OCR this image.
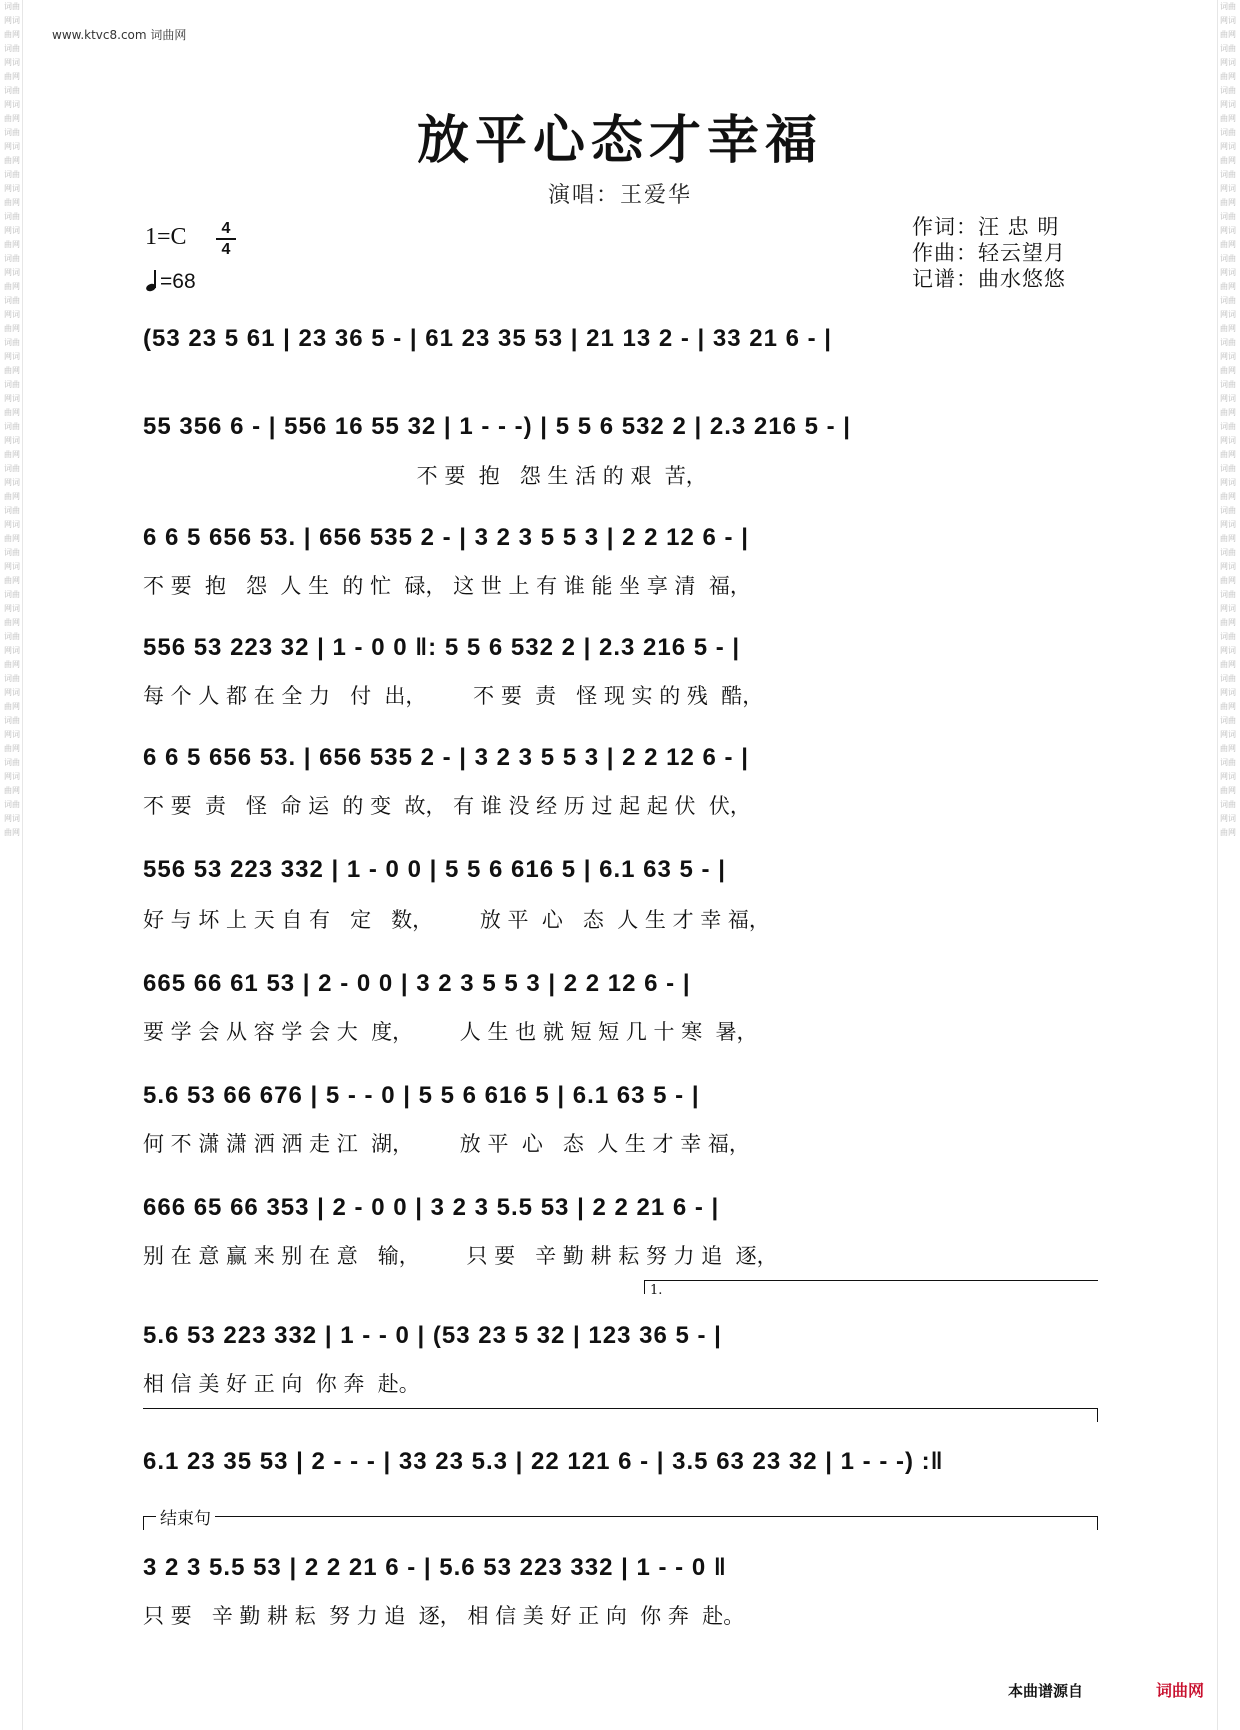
词曲网词曲网词曲网词曲网词曲网词曲网词曲网词曲网词曲网词曲网词曲网词曲网词曲网词曲网词曲网词曲网词曲网词曲网词曲网词曲网词曲网词曲网词曲网词曲网词曲网词曲网词曲网词曲网词曲网词曲网词曲网词曲网词曲网词曲网词曲网词曲网词曲网词曲网词曲网词曲网
词曲网词曲网词曲网词曲网词曲网词曲网词曲网词曲网词曲网词曲网词曲网词曲网词曲网词曲网词曲网词曲网词曲网词曲网词曲网词曲网词曲网词曲网词曲网词曲网词曲网词曲网词曲网词曲网词曲网词曲网词曲网词曲网词曲网词曲网词曲网词曲网词曲网词曲网词曲网词曲网
www.ktvc8.com 词曲网
放平心态才幸福
演唱：王爱华
1=C	4
4
=68
作词：汪 忠 明
作曲：轻云望月
记谱：曲水悠悠
(53 23 5 61 | 23 36 5 - | 61 23 35 53 | 21 13 2 - | 33 21 6 - |
55 356 6 - | 556 16 55 32 | 1 - - -) | 5 5 6 532 2 | 2.3 216 5 - |
不 要  抱   怨 生 活 的 艰  苦，
6 6 5 656 53. | 656 535 2 - | 3 2 3 5 5 3 | 2 2 12 6 - |
不 要  抱   怨  人 生  的 忙  碌， 这 世 上 有 谁 能 坐 享 清  福，
556 53 223 32 | 1 - 0 0 ‖: 5 5 6 532 2 | 2.3 216 5 - |
每 个 人 都 在 全 力   付  出，       不 要  责   怪 现 实 的 残  酷，
6 6 5 656 53. | 656 535 2 - | 3 2 3 5 5 3 | 2 2 12 6 - |
不 要  责   怪  命 运  的 变  故， 有 谁 没 经 历 过 起 起 伏  伏，
556 53 223 332 | 1 - 0 0 | 5 5 6 616 5 | 6.1 63 5 - |
好 与 坏 上 天 自 有   定   数，       放 平  心   态  人 生 才 幸 福，
665 66 61 53 | 2 - 0 0 | 3 2 3 5 5 3 | 2 2 12 6 - |
要 学 会 从 容 学 会 大  度，       人 生 也 就 短 短 几 十 寒  暑，
5.6 53 66 676 | 5 - - 0 | 5 5 6 616 5 | 6.1 63 5 - |
何 不 潇 潇 洒 洒 走 江  湖，       放 平  心   态  人 生 才 幸 福，
666 65 66 353 | 2 - 0 0 | 3 2 3 5.5 53 | 2 2 21 6 - |
别 在 意 赢 来 别 在 意   输，       只 要   辛 勤 耕 耘 努 力 追  逐，
1.
5.6 53 223 332 | 1 - - 0 | (53 23 5 32 | 123 36 5 - |
相 信 美 好 正 向  你 奔  赴。
6.1 23 35 53 | 2 - - - | 33 23 5.3 | 22 121 6 - | 3.5 63 23 32 | 1 - - -) :‖
结束句
3 2 3 5.5 53 | 2 2 21 6 - | 5.6 53 223 332 | 1 - - 0 ‖
只 要   辛 勤 耕 耘  努 力 追  逐， 相 信 美 好 正 向  你 奔  赴。
本曲谱源自	词曲网
